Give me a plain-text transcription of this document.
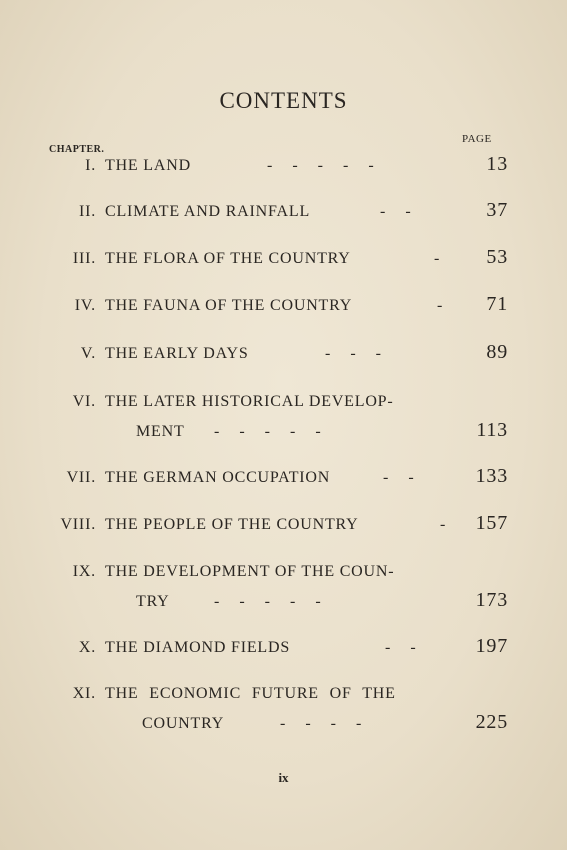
CONTENTS
CHAPTER.
PAGE
I. THE LAND	-     -     -     -     -	13
II. CLIMATE AND RAINFALL	-     -	37
III. THE FLORA OF THE COUNTRY	-	53
IV. THE FAUNA OF THE COUNTRY	-	71
V. THE EARLY DAYS	-     -     -	89
VI. THE LATER HISTORICAL DEVELOP-
MENT -     -     -     -     -	113
VII. THE GERMAN OCCUPATION	-     -	133
VIII. THE PEOPLE OF THE COUNTRY	-	157
IX. THE DEVELOPMENT OF THE COUN-
TRY	-     -     -     -     -	173
X. THE DIAMOND FIELDS	-     -	197
XI. THE ECONOMIC FUTURE OF THE
COUNTRY	-     -     -     -	225
ix
